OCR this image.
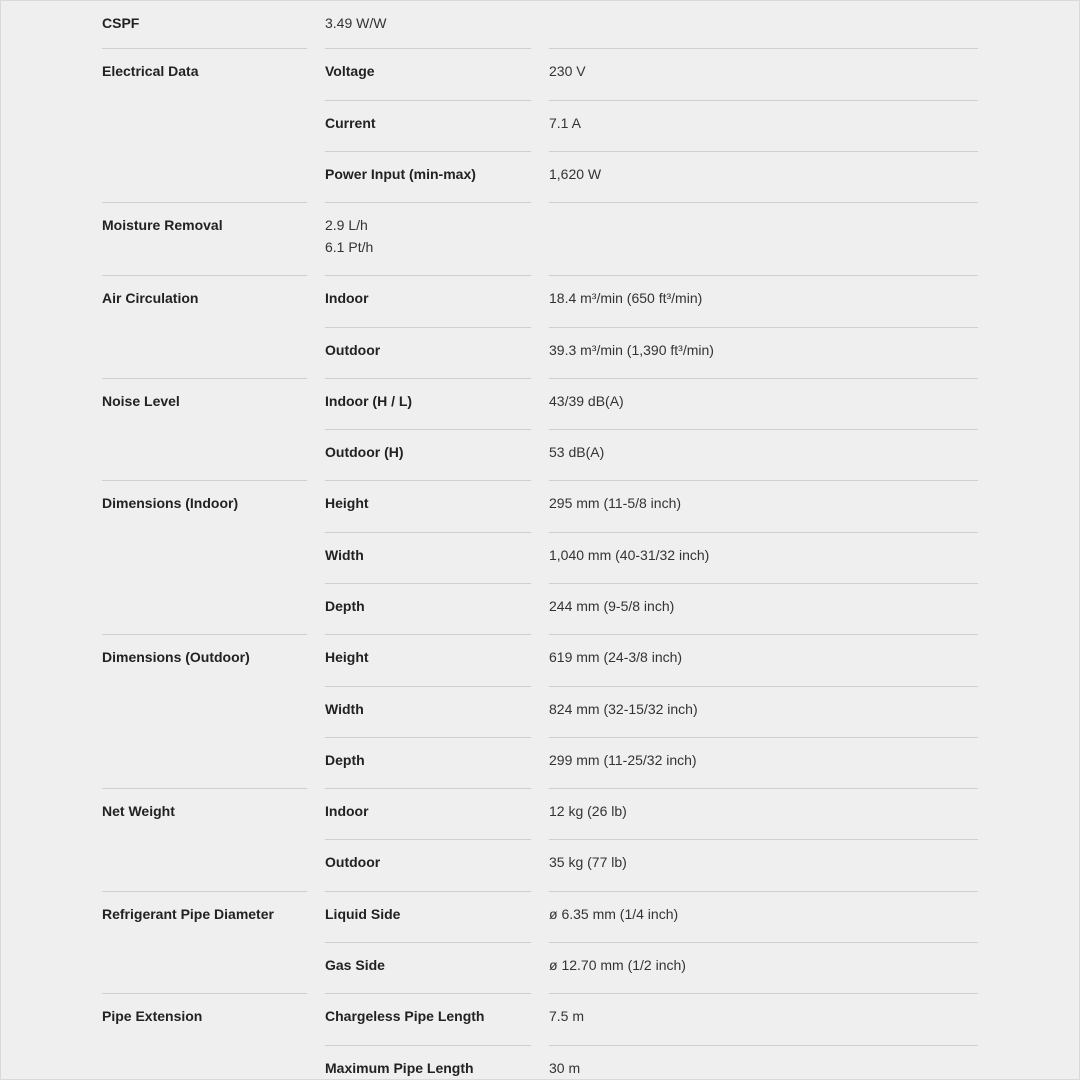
CSPF	3.49 W/W
Electrical Data	Voltage	230 V
Current	7.1 A
Power Input (min-max)	1,620 W
Moisture Removal	2.9 L/h
6.1 Pt/h
Air Circulation	Indoor	18.4 m³/min (650 ft³/min)
Outdoor	39.3 m³/min (1,390 ft³/min)
Noise Level	Indoor (H / L)	43/39 dB(A)
Outdoor (H)	53 dB(A)
Dimensions (Indoor)	Height	295 mm (11-5/8 inch)
Width	1,040 mm (40-31/32 inch)
Depth	244 mm (9-5/8 inch)
Dimensions (Outdoor)	Height	619 mm (24-3/8 inch)
Width	824 mm (32-15/32 inch)
Depth	299 mm (11-25/32 inch)
Net Weight	Indoor	12 kg (26 lb)
Outdoor	35 kg (77 lb)
Refrigerant Pipe Diameter	Liquid Side	ø 6.35 mm (1/4 inch)
Gas Side	ø 12.70 mm (1/2 inch)
Pipe Extension	Chargeless Pipe Length	7.5 m
Maximum Pipe Length	30 m
